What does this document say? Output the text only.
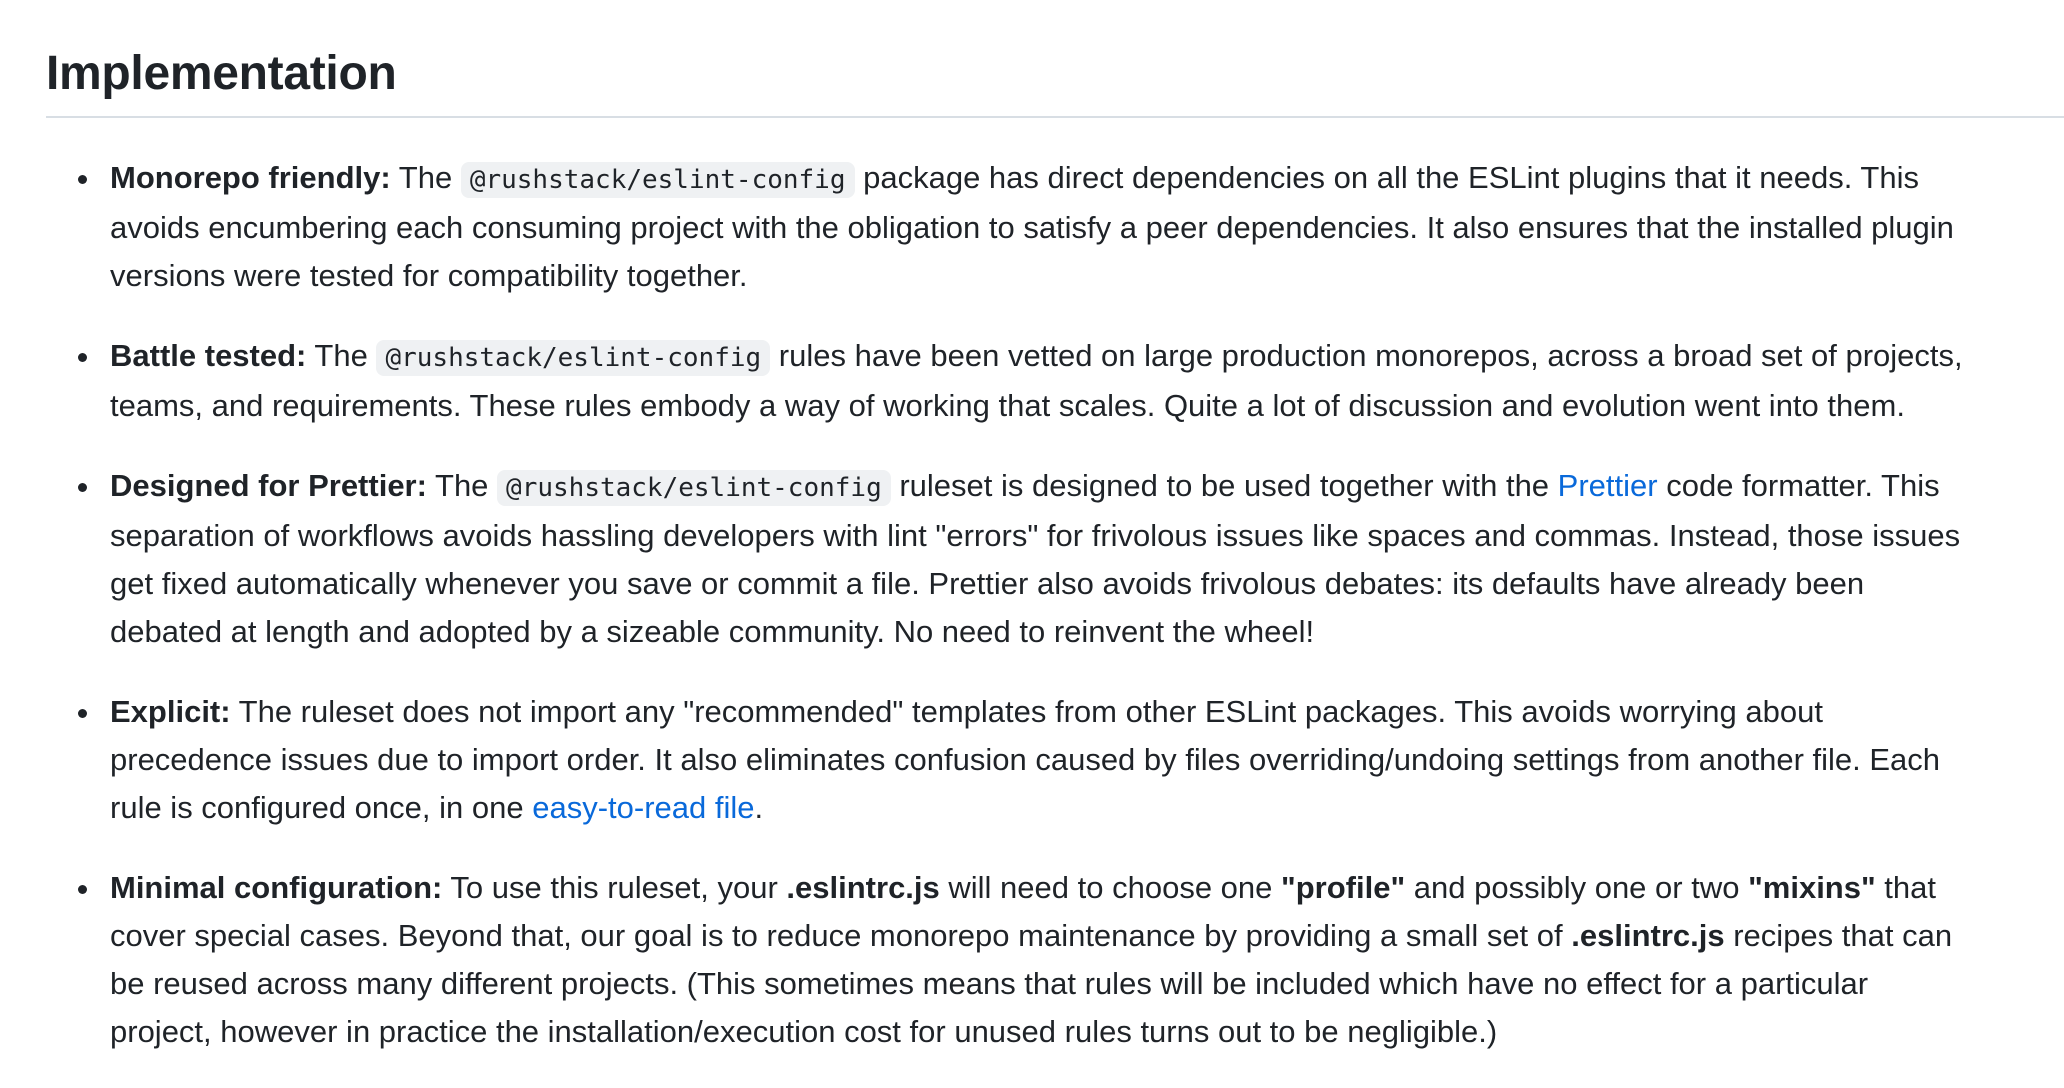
Implementation
Monorepo friendly: The @rushstack/eslint-config package has direct dependencies on all the ESLint plugins that it needs. This
avoids encumbering each consuming project with the obligation to satisfy a peer dependencies. It also ensures that the installed plugin
versions were tested for compatibility together.
Battle tested: The @rushstack/eslint-config rules have been vetted on large production monorepos, across a broad set of projects,
teams, and requirements. These rules embody a way of working that scales. Quite a lot of discussion and evolution went into them.
Designed for Prettier: The @rushstack/eslint-config ruleset is designed to be used together with the Prettier code formatter. This
separation of workflows avoids hassling developers with lint "errors" for frivolous issues like spaces and commas. Instead, those issues
get fixed automatically whenever you save or commit a file. Prettier also avoids frivolous debates: its defaults have already been
debated at length and adopted by a sizeable community. No need to reinvent the wheel!
Explicit: The ruleset does not import any "recommended" templates from other ESLint packages. This avoids worrying about
precedence issues due to import order. It also eliminates confusion caused by files overriding/undoing settings from another file. Each
rule is configured once, in one easy-to-read file.
Minimal configuration: To use this ruleset, your .eslintrc.js will need to choose one "profile" and possibly one or two "mixins" that
cover special cases. Beyond that, our goal is to reduce monorepo maintenance by providing a small set of .eslintrc.js recipes that can
be reused across many different projects. (This sometimes means that rules will be included which have no effect for a particular
project, however in practice the installation/execution cost for unused rules turns out to be negligible.)
